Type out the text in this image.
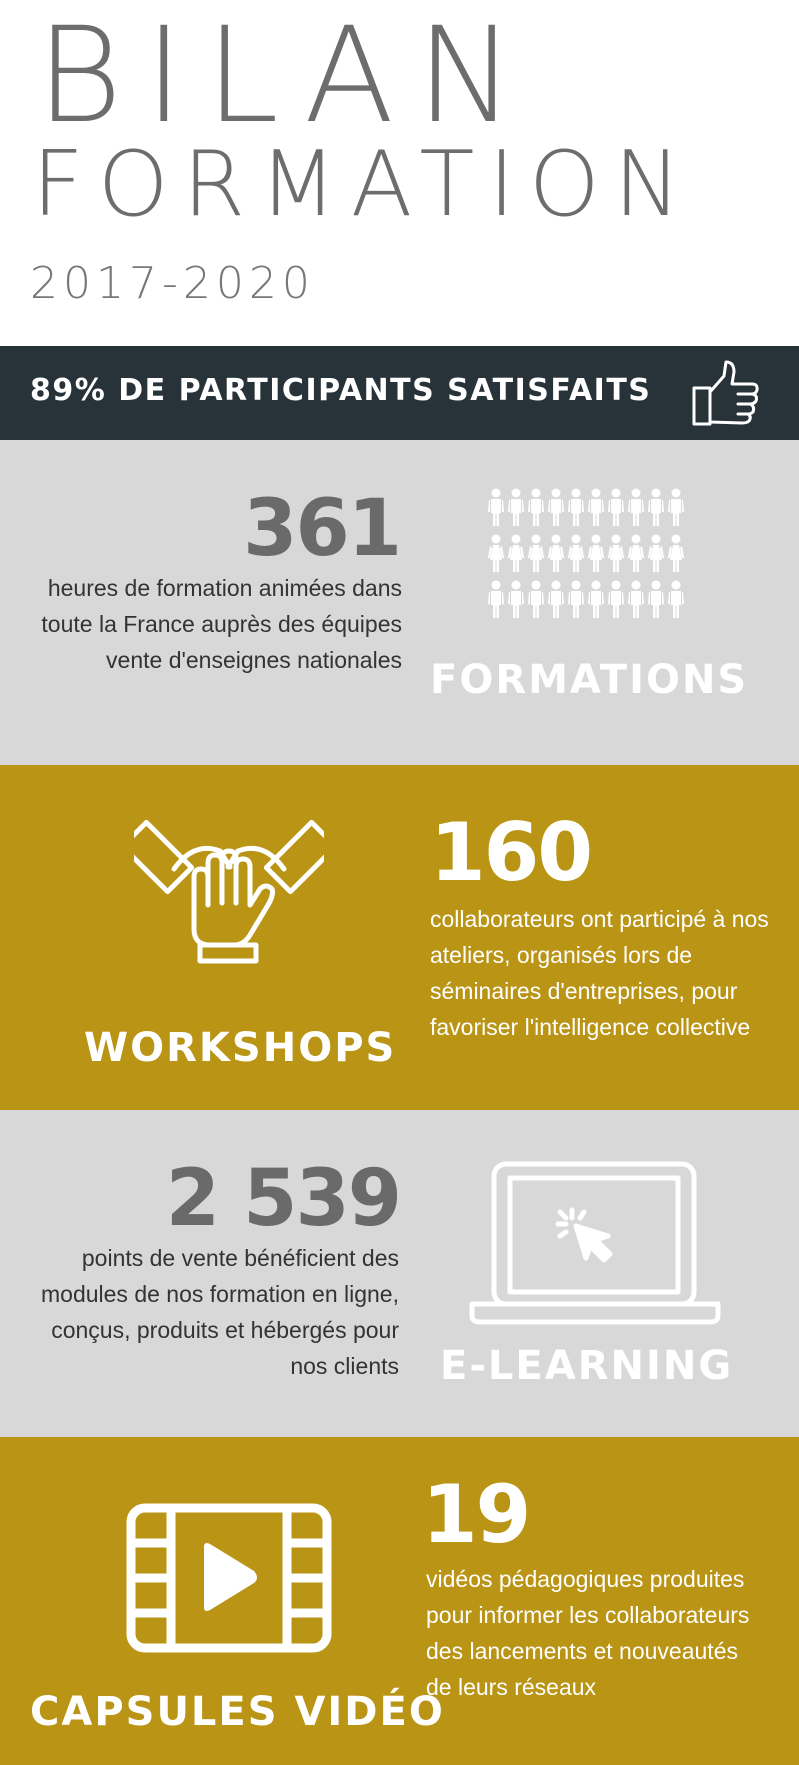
BILAN
FORMATION
2017-2020
89% DE PARTICIPANTS SATISFAITS
361
heures de formation animées dans toute la France auprès des équipes vente d'enseignes nationales FORMATIONS
WORKSHOPS
160
collaborateurs ont participé à nos ateliers, organisés lors de séminaires d'entreprises, pour favoriser l'intelligence collective
2 539
points de vente bénéficient des modules de nos formation en ligne, conçus, produits et hébergés pour nos clients E-LEARNING
CAPSULES VIDÉO
19
vidéos pédagogiques produites pour informer les collaborateurs des lancements et nouveautés de leurs réseaux
